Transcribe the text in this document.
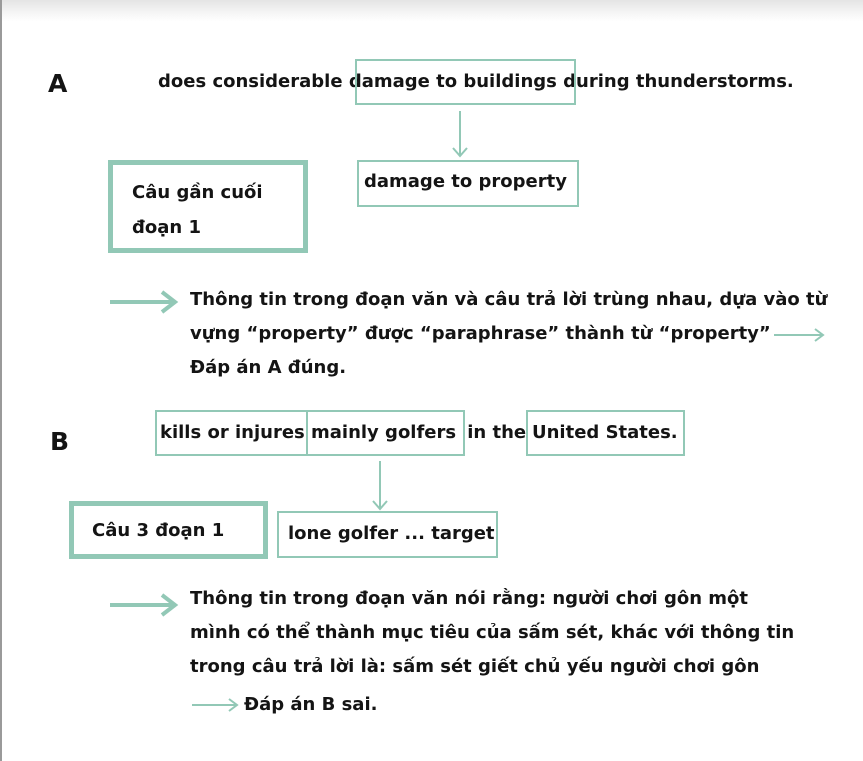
A	does considerable damage to buildings during thunderstorms.
damage to property
Câu gần cuối
đoạn 1
Thông tin trong đoạn văn và câu trả lời trùng nhau, dựa vào từ
vựng “property” được “paraphrase” thành từ “property”
Đáp án A đúng.
B	kills or injures mainly golfers in the United States.
Câu 3 đoạn 1	lone golfer ... target
Thông tin trong đoạn văn nói rằng: người chơi gôn một
mình có thể thành mục tiêu của sấm sét, khác với thông tin
trong câu trả lời là: sấm sét giết chủ yếu người chơi gôn
Đáp án B sai.
